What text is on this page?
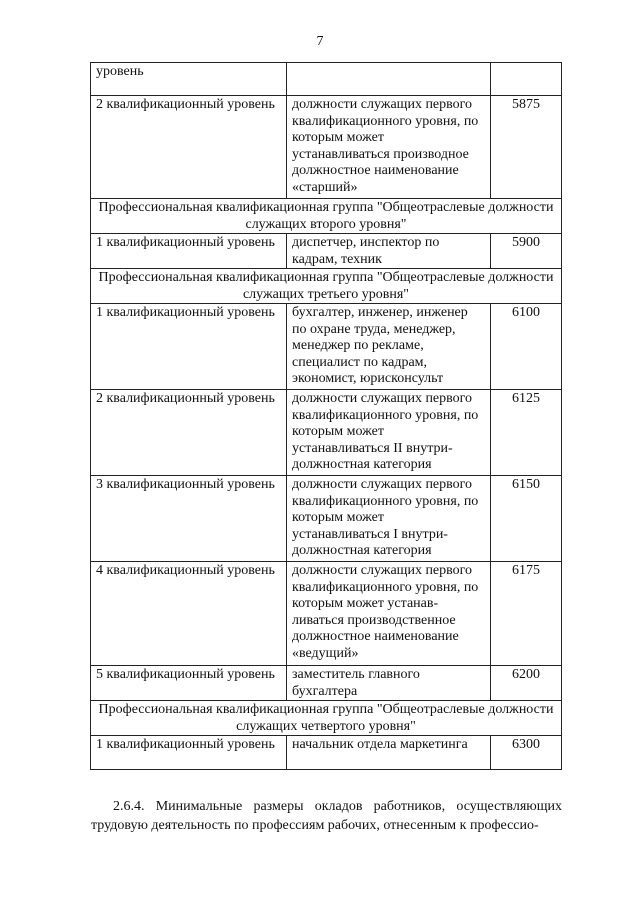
7
уровень		
2 квалификационный уровень	должности служащих первого квалификационного уровня, по которым может устанавливаться производное должностное наименование «старший»	5875

Профессиональная квалификационная группа "Общеотраслевые должности служащих второго уровня"		

1 квалификационный уровень	диспетчер, инспектор по кадрам, техник	5900

Профессиональная квалификационная группа "Общеотраслевые должности служащих третьего уровня"		

1 квалификационный уровень	бухгалтер, инженер, инженер по охране труда, менеджер, менеджер по рекламе, специалист по кадрам, экономист, юрисконсульт	6100
2 квалификационный уровень	должности служащих первого квалификационного уровня, по которым может устанавливаться II внутри-должностная категория	6125
3 квалификационный уровень	должности служащих первого квалификационного уровня, по которым может устанавливаться I внутри-должностная категория	6150
4 квалификационный уровень	должности служащих первого квалификационного уровня, по которым может устанав-ливаться производственное должностное наименование «ведущий»	6175
5 квалификационный уровень	заместитель главного бухгалтера	6200

Профессиональная квалификационная группа "Общеотраслевые должности служащих четвертого уровня"		

1 квалификационный уровень	начальник отдела маркетинга	6300
2.6.4. Минимальные размеры окладов работников, осуществляющих трудовую деятельность по профессиям рабочих, отнесенным к профессио-
